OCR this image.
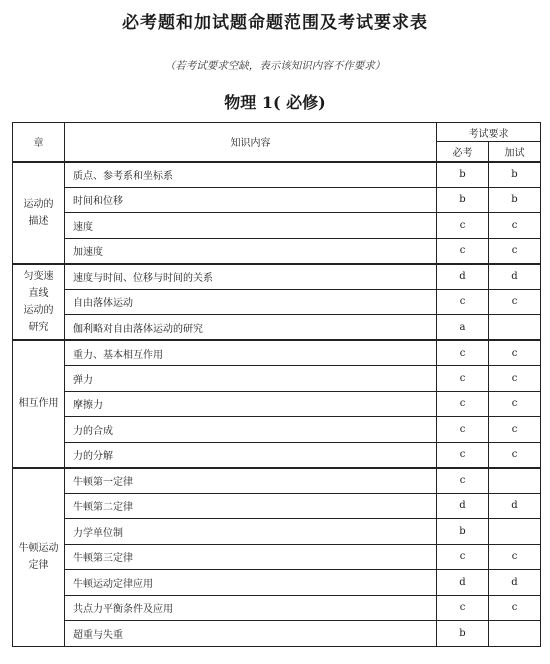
必考题和加试题命题范围及考试要求表
（若考试要求空缺，表示该知识内容不作要求）
物理 1( 必修)
章	知识内容	考试要求	
		必考	加试
运动的
描述	质点、参考系和坐标系	b	b
	时间和位移	b	b
	速度	c	c
	加速度	c	c
匀变速
直线
运动的
研究	速度与时间、位移与时间的关系	d	d
	自由落体运动	c	c
	伽利略对自由落体运动的研究	a	
相互作用	重力、基本相互作用	c	c
	弹力	c	c
	摩擦力	c	c
	力的合成	c	c
	力的分解	c	c
牛顿运动
定律	牛顿第一定律	c	
	牛顿第二定律	d	d
	力学单位制	b	
	牛顿第三定律	c	c
	牛顿运动定律应用	d	d
	共点力平衡条件及应用	c	c
	超重与失重	b	
